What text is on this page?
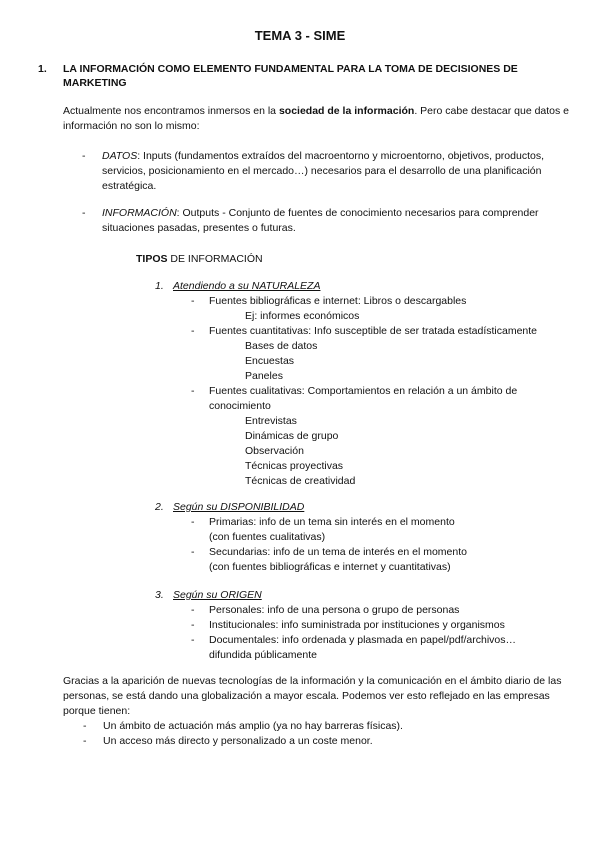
TEMA 3 - SIME
1. LA INFORMACIÓN COMO ELEMENTO FUNDAMENTAL PARA LA TOMA DE DECISIONES DE MARKETING
Actualmente nos encontramos inmersos en la sociedad de la información. Pero cabe destacar que datos e información no son lo mismo:
- DATOS: Inputs (fundamentos extraídos del macroentorno y microentorno, objetivos, productos, servicios, posicionamiento en el mercado…) necesarios para el desarrollo de una planificación estratégica.
- INFORMACIÓN: Outputs - Conjunto de fuentes de conocimiento necesarios para comprender situaciones pasadas, presentes o futuras.
TIPOS DE INFORMACIÓN
1. Atendiendo a su NATURALEZA
- Fuentes bibliográficas e internet: Libros o descargables
Ej: informes económicos
- Fuentes cuantitativas: Info susceptible de ser tratada estadísticamente
Bases de datos
Encuestas
Paneles
- Fuentes cualitativas: Comportamientos en relación a un ámbito de conocimiento
Entrevistas
Dinámicas de grupo
Observación
Técnicas proyectivas
Técnicas de creatividad
2. Según su DISPONIBILIDAD
- Primarias: info de un tema sin interés en el momento
(con fuentes cualitativas)
- Secundarias: info de un tema de interés en el momento
(con fuentes bibliográficas e internet y cuantitativas)
3. Según su ORIGEN
- Personales: info de una persona o grupo de personas
- Institucionales: info suministrada por instituciones y organismos
- Documentales: info ordenada y plasmada en papel/pdf/archivos…
difundida públicamente
Gracias a la aparición de nuevas tecnologías de la información y la comunicación en el ámbito diario de las personas, se está dando una globalización a mayor escala. Podemos ver esto reflejado en las empresas porque tienen:
- Un ámbito de actuación más amplio (ya no hay barreras físicas).
- Un acceso más directo y personalizado a un coste menor.
